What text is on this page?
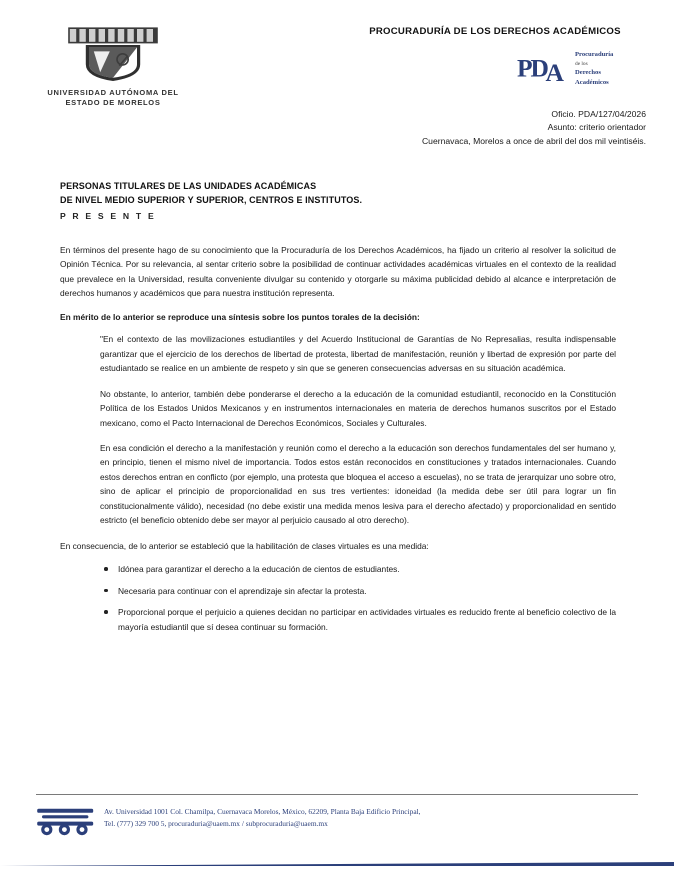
UNIVERSIDAD AUTÓNOMA DEL
ESTADO DE MORELOS
PROCURADURÍA DE LOS DERECHOS ACADÉMICOS
P
D
A
Procuraduría
de los
Derechos
Académicos
Oficio. PDA/127/04/2026
Asunto: criterio orientador
Cuernavaca, Morelos a once de abril del dos mil veintiséis.
PERSONAS TITULARES DE LAS UNIDADES ACADÉMICAS
DE NIVEL MEDIO SUPERIOR Y SUPERIOR, CENTROS E INSTITUTOS.
P R E S E N T E

En términos del presente hago de su conocimiento que la Procuraduría de los Derechos Académicos, ha fijado un criterio al resolver la solicitud de Opinión Técnica. Por su relevancia, al sentar criterio sobre la posibilidad de continuar actividades académicas virtuales en el contexto de la realidad que prevalece en la Universidad, resulta conveniente divulgar su contenido y otorgarle su máxima publicidad debido al alcance e interpretación de derechos humanos y académicos que para nuestra institución representa.

En mérito de lo anterior se reproduce una síntesis sobre los puntos torales de la decisión:

"En el contexto de las movilizaciones estudiantiles y del Acuerdo Institucional de Garantías de No Represalias, resulta indispensable garantizar que el ejercicio de los derechos de libertad de protesta, libertad de manifestación, reunión y libertad de expresión por parte del estudiantado se realice en un ambiente de respeto y sin que se generen consecuencias adversas en su situación académica.

No obstante, lo anterior, también debe ponderarse el derecho a la educación de la comunidad estudiantil, reconocido en la Constitución Política de los Estados Unidos Mexicanos y en instrumentos internacionales en materia de derechos humanos suscritos por el Estado mexicano, como el Pacto Internacional de Derechos Económicos, Sociales y Culturales.

En esa condición el derecho a la manifestación y reunión como el derecho a la educación son derechos fundamentales del ser humano y, en principio, tienen el mismo nivel de importancia. Todos estos están reconocidos en constituciones y tratados internacionales. Cuando estos derechos entran en conflicto (por ejemplo, una protesta que bloquea el acceso a escuelas), no se trata de jerarquizar uno sobre otro, sino de aplicar el principio de proporcionalidad en sus tres vertientes: idoneidad (la medida debe ser útil para lograr un fin constitucionalmente válido), necesidad (no debe existir una medida menos lesiva para el derecho afectado) y proporcionalidad en sentido estricto (el beneficio obtenido debe ser mayor al perjuicio causado al otro derecho).

En consecuencia, de lo anterior se estableció que la habilitación de clases virtuales es una medida:

Idónea para garantizar el derecho a la educación de cientos de estudiantes.
Necesaria para continuar con el aprendizaje sin afectar la protesta.
Proporcional porque el perjuicio a quienes decidan no participar en actividades virtuales es reducido frente al beneficio colectivo de la mayoría estudiantil que sí desea continuar su formación.
Av. Universidad 1001 Col. Chamilpa, Cuernavaca Morelos, México, 62209, Planta Baja Edificio Principal,
Tel. (777) 329 700 5, procuraduria@uaem.mx / subprocuraduria@uaem.mx
